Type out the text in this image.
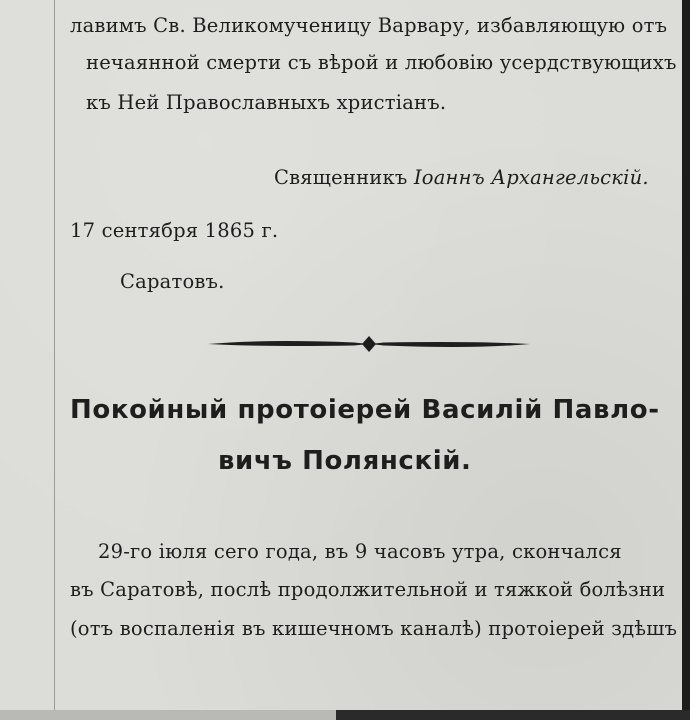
лавимъ Св. Великомученицу Варвару, избавляющую отъ
нечаянной смерти съ вѣрой и любовію усердствующихъ
къ Ней Православныхъ христіанъ.
Священникъ Іоаннъ Архангельскій.
17 сентября 1865 г.
Саратовъ.
Покойный протоіерей Василій Павло-
вичъ Полянскій.
29-го іюля сего года, въ 9 часовъ утра, скончался
въ Саратовѣ, послѣ продолжительной и тяжкой болѣзни
(отъ воспаленія въ кишечномъ каналѣ) протоіерей здѣшъ
